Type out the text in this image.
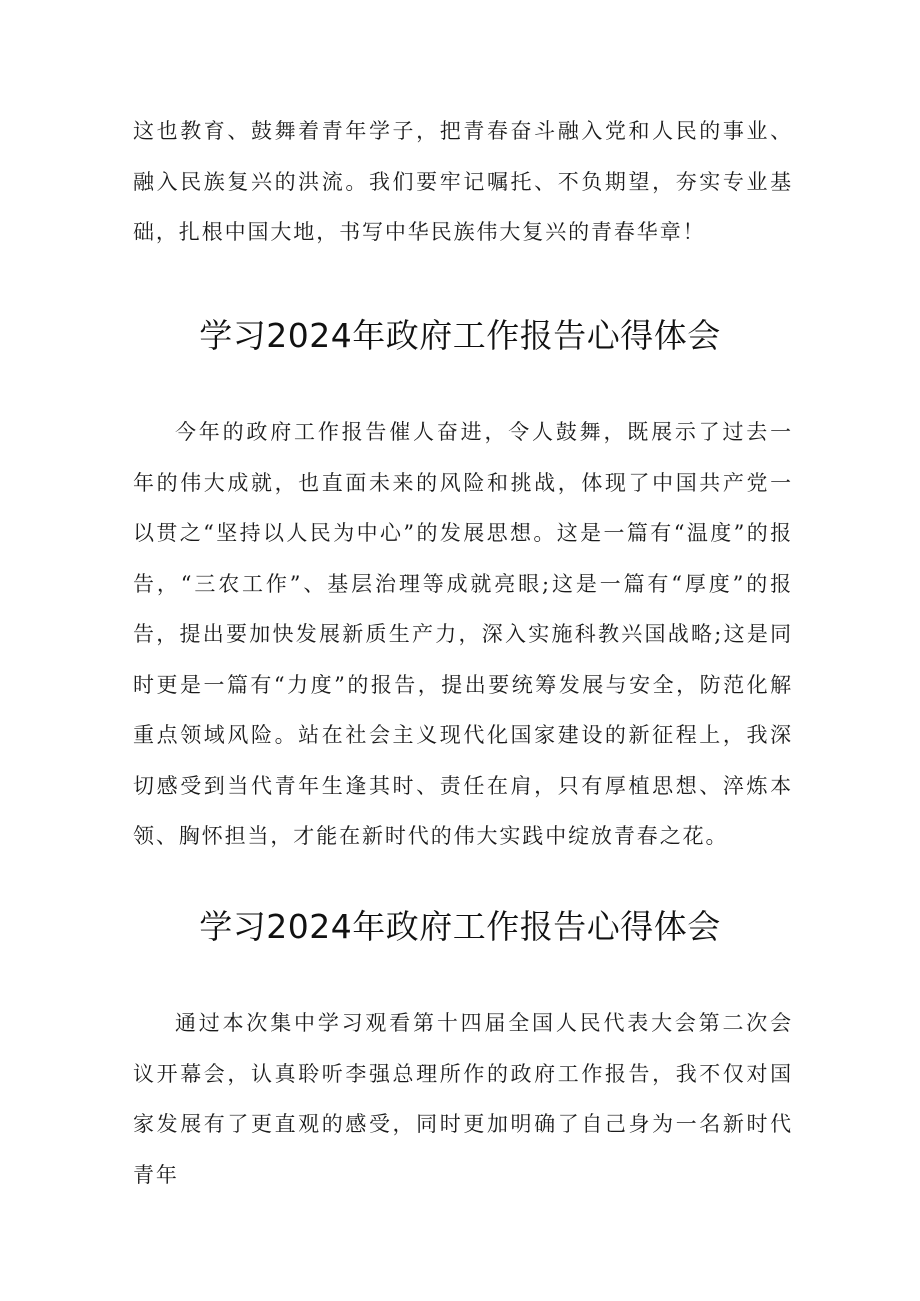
这也教育、鼓舞着青年学子，把青春奋斗融入党和人民的事业、融入民族复兴的洪流。我们要牢记嘱托、不负期望，夯实专业基础，扎根中国大地，书写中华民族伟大复兴的青春华章！

学习2024年政府工作报告心得体会

今年的政府工作报告催人奋进，令人鼓舞，既展示了过去一年的伟大成就，也直面未来的风险和挑战，体现了中国共产党一以贯之“坚持以人民为中心”的发展思想。这是一篇有“温度”的报告，“三农工作”、基层治理等成就亮眼;这是一篇有“厚度”的报告，提出要加快发展新质生产力，深入实施科教兴国战略;这是同时更是一篇有“力度”的报告，提出要统筹发展与安全，防范化解重点领域风险。站在社会主义现代化国家建设的新征程上，我深切感受到当代青年生逢其时、责任在肩，只有厚植思想、淬炼本领、胸怀担当，才能在新时代的伟大实践中绽放青春之花。

学习2024年政府工作报告心得体会

通过本次集中学习观看第十四届全国人民代表大会第二次会议开幕会，认真聆听李强总理所作的政府工作报告，我不仅对国家发展有了更直观的感受，同时更加明确了自己身为一名新时代青年
